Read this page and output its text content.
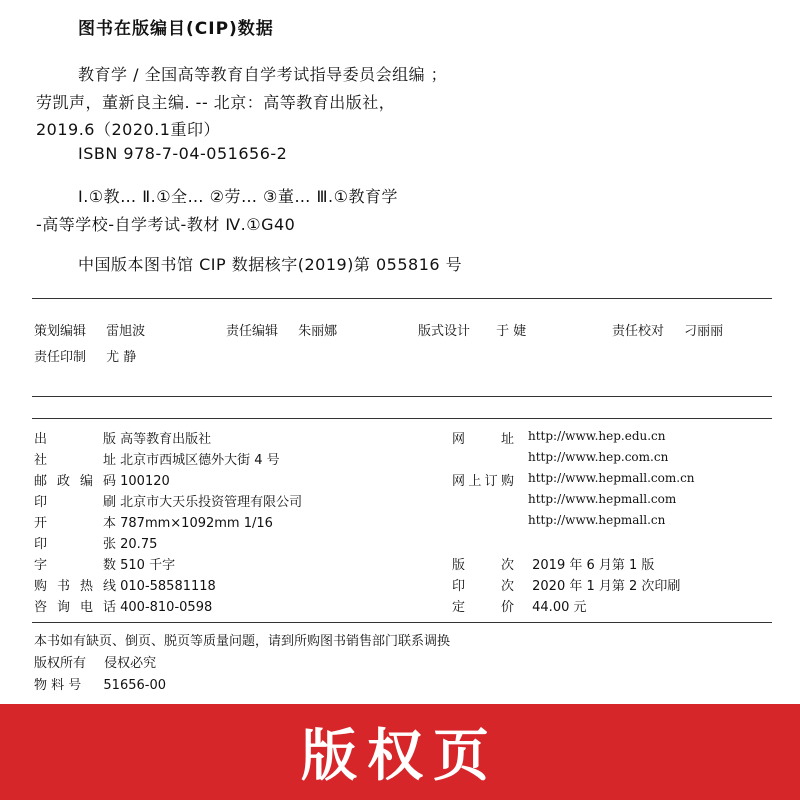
图书在版编目(CIP)数据
教育学 / 全国高等教育自学考试指导委员会组编 ；
劳凯声，董新良主编. -- 北京：高等教育出版社，
2019.6（2020.1重印）
ISBN 978-7-04-051656-2
Ⅰ.①教… Ⅱ.①全… ②劳… ③董… Ⅲ.①教育学
-高等学校-自学考试-教材 Ⅳ.①G40
中国版本图书馆 CIP 数据核字(2019)第 055816 号
策划编辑 雷旭波	责任编辑 朱丽娜	版式设计 于 婕	责任校对 刁丽丽
责任印制 尤 静
出版 高等教育出版社
社址 北京市西城区德外大街 4 号
邮政编码 100120
印刷 北京市大天乐投资管理有限公司
开本 787mm×1092mm 1/16
印张 20.75
字数 510 千字
购书热线 010-58581118
咨询电话 400-810-0598
网址 http://www.hep.edu.cn
http://www.hep.com.cn
网上订购 http://www.hepmall.com.cn
http://www.hepmall.com
http://www.hepmall.cn
版次 2019 年 6 月第 1 版
印次 2020 年 1 月第 2 次印刷
定价 44.00 元
本书如有缺页、倒页、脱页等质量问题，请到所购图书销售部门联系调换
版权所有 侵权必究
物 料 号 51656-00
版权页
